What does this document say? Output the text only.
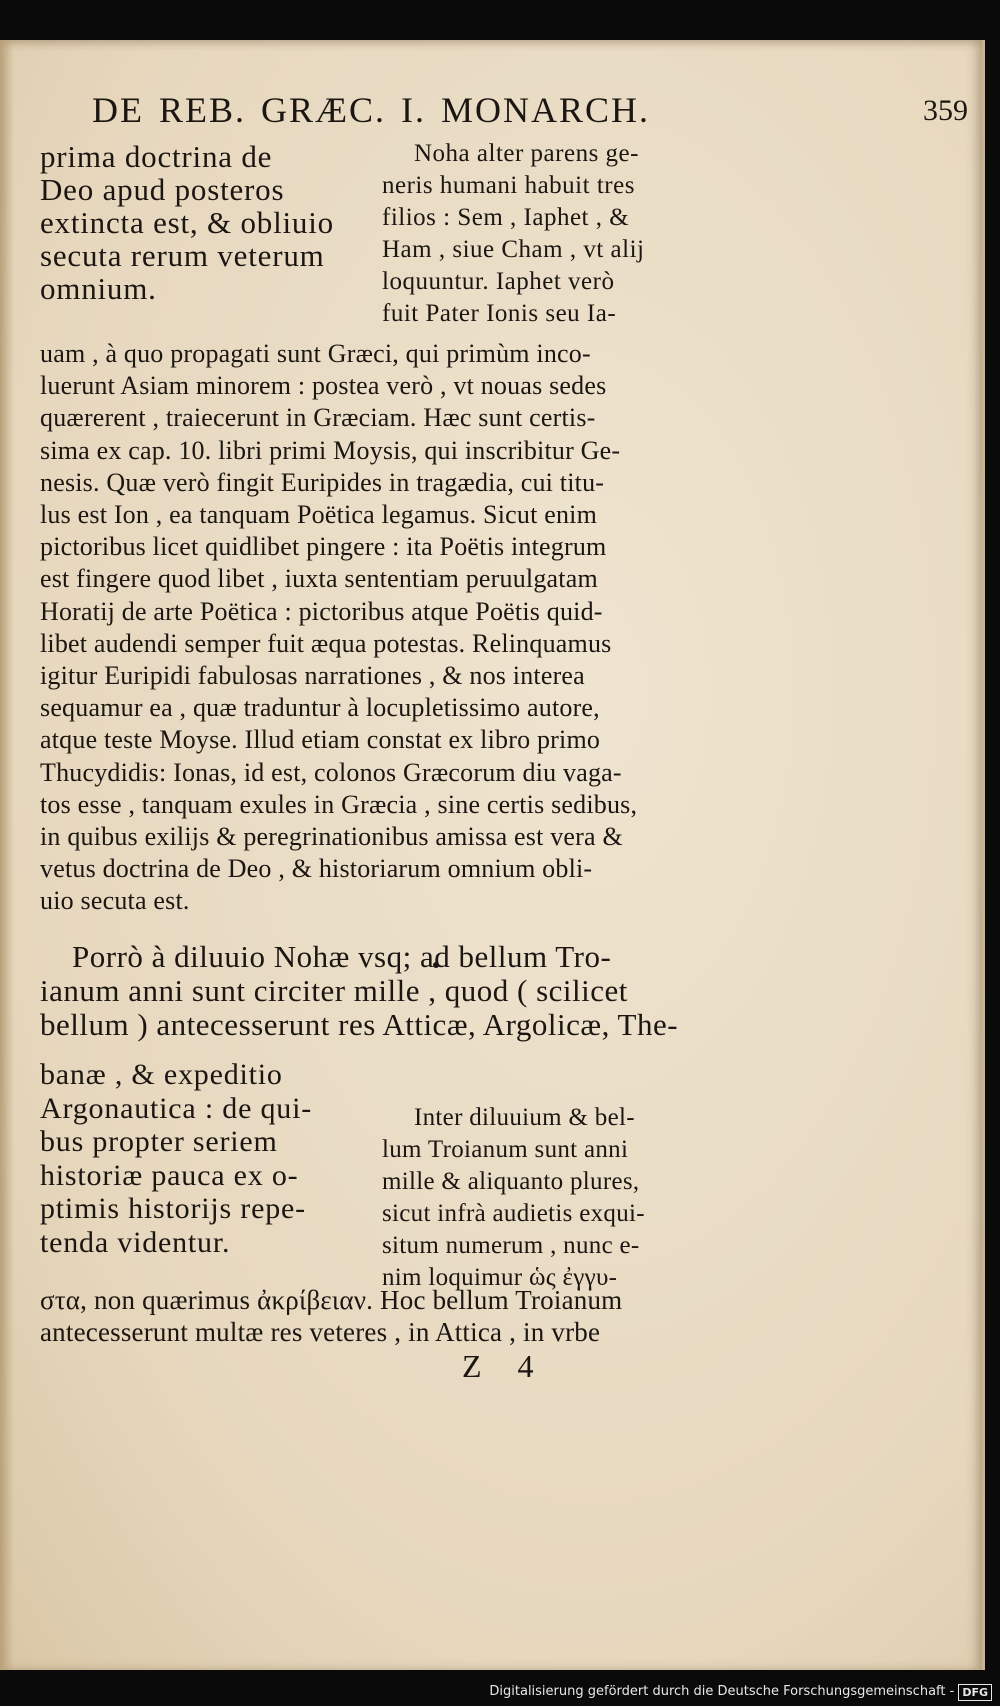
DE REB. GRÆC. I. MONARCH.	359
prima doctrina de
Deo apud posteros
extincta est, & obliuio
secuta rerum veterum
omnium.
Noha alter parens ge-
neris humani habuit tres
filios : Sem , Iaphet , &
Ham , siue Cham , vt alij
loquuntur. Iaphet verò
fuit Pater Ionis seu Ia-
uam , à quo propagati sunt Græci, qui primùm inco-
luerunt Asiam minorem : postea verò , vt nouas sedes
quærerent , traiecerunt in Græciam. Hæc sunt certis-
sima ex cap. 10. libri primi Moysis, qui inscribitur Ge-
nesis. Quæ verò fingit Euripides in tragædia, cui titu-
lus est Ion , ea tanquam Poëtica legamus. Sicut enim
pictoribus licet quidlibet pingere : ita Poëtis integrum
est fingere quod libet , iuxta sententiam peruulgatam
Horatij de arte Poëtica : pictoribus atque Poëtis quid-
libet audendi semper fuit æqua potestas. Relinquamus
igitur Euripidi fabulosas narrationes , & nos interea
sequamur ea , quæ traduntur à locupletissimo autore,
atque teste Moyse. Illud etiam constat ex libro primo
Thucydidis: Ionas, id est, colonos Græcorum diu vaga-
tos esse , tanquam exules in Græcia , sine certis sedibus,
in quibus exilijs & peregrinationibus amissa est vera &
vetus doctrina de Deo , & historiarum omnium obli-
uio secuta est.
Porrò à diluuio Nohæ vsq; ad bellum Tro-
ianum anni sunt circiter mille , quod ( scilicet
bellum ) antecesserunt res Atticæ, Argolicæ, The-
banæ , & expeditio
Argonautica : de qui-
bus propter seriem
historiæ pauca ex o-
ptimis historijs repe-
tenda videntur.
Inter diluuium & bel-
lum Troianum sunt anni
mille & aliquanto plures,
sicut infrà audietis exqui-
situm numerum , nunc e-
nim loquimur ὡς ἐγγυ-
στα, non quærimus ἀκρίβειαν. Hoc bellum Troianum
antecesserunt multæ res veteres , in Attica , in vrbe
Z 4
Digitalisierung gefördert durch die Deutsche Forschungsgemeinschaft - DFG
